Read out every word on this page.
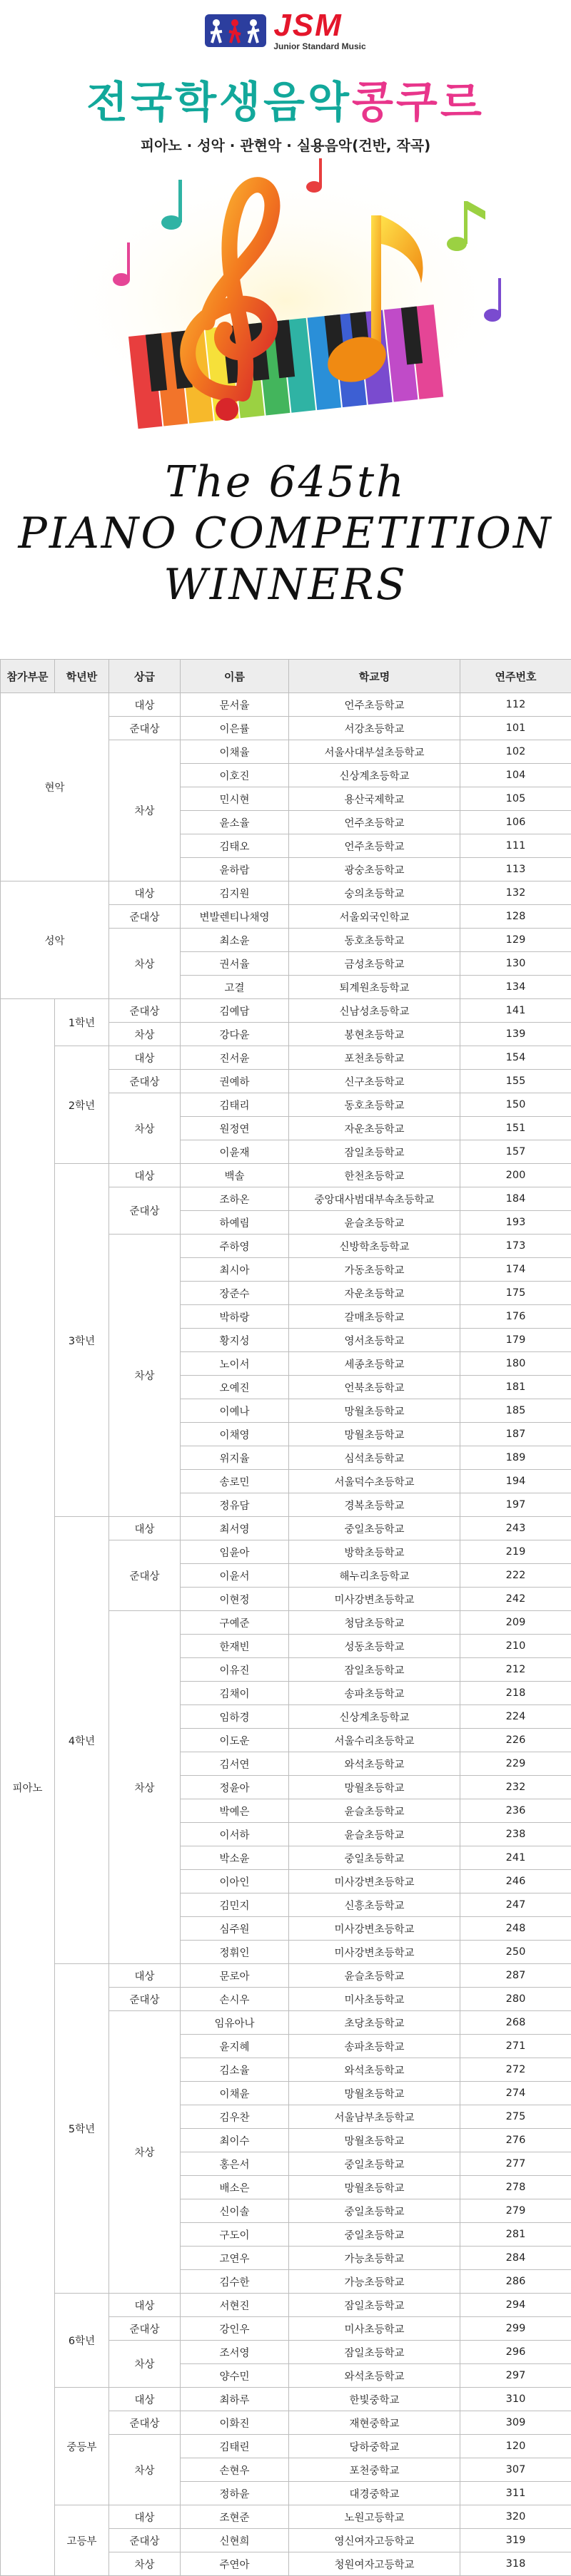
JSM
Junior Standard Music
전국학생음악콩쿠르
피아노 · 성악 · 관현악 · 실용음악(건반, 작곡)
The 645th
PIANO COMPETITION
WINNERS
참가부문	학년반	상급	이름	학교명	연주번호
현악		대상	문서율	언주초등학교	112
		준대상	이은률	서강초등학교	101
		차상	이채율	서울사대부설초등학교	102
			이호진	신상계초등학교	104
			민시현	용산국제학교	105
			윤소율	언주초등학교	106
			김태오	언주초등학교	111
			윤하람	광숭초등학교	113
성악		대상	김지원	숭의초등학교	132
		준대상	변발렌티나채영	서울외국인학교	128
		차상	최소윤	동호초등학교	129
			권서율	금성초등학교	130
			고결	퇴계원초등학교	134
피아노	1학년	준대상	김예담	신남성초등학교	141
		차상	강다윤	봉현초등학교	139
	2학년	대상	진서윤	포천초등학교	154
		준대상	권예하	신구초등학교	155
		차상	김태리	동호초등학교	150
			원정연	자운초등학교	151
			이윤재	잠일초등학교	157
	3학년	대상	백솔	한천초등학교	200
		준대상	조하온	중앙대사범대부속초등학교	184
			하예림	윤슬초등학교	193
		차상	주하영	신방학초등학교	173
			최시아	가동초등학교	174
			장준수	자운초등학교	175
			박하랑	갈매초등학교	176
			황지성	영서초등학교	179
			노이서	세종초등학교	180
			오예진	언북초등학교	181
			이예나	망월초등학교	185
			이채영	망월초등학교	187
			위지율	심석초등학교	189
			송로민	서울덕수초등학교	194
			정유담	경복초등학교	197
	4학년	대상	최서영	중일초등학교	243
		준대상	임윤아	방학초등학교	219
			이윤서	해누리초등학교	222
			이현정	미사강변초등학교	242
		차상	구예준	청담초등학교	209
			한재빈	성동초등학교	210
			이유진	잠일초등학교	212
			김채이	송파초등학교	218
			임하경	신상계초등학교	224
			이도운	서울수리초등학교	226
			김서연	와석초등학교	229
			정윤아	망월초등학교	232
			박예은	윤슬초등학교	236
			이서하	윤슬초등학교	238
			박소윤	중일초등학교	241
			이아인	미사강변초등학교	246
			김민지	신흥초등학교	247
			심주원	미사강변초등학교	248
			정휘인	미사강변초등학교	250
	5학년	대상	문로아	윤슬초등학교	287
		준대상	손시우	미사초등학교	280
		차상	임유아나	초당초등학교	268
			윤지혜	송파초등학교	271
			김소율	와석초등학교	272
			이채윤	망월초등학교	274
			김우찬	서울남부초등학교	275
			최이수	망월초등학교	276
			홍은서	중일초등학교	277
			배소은	망월초등학교	278
			신이솔	중일초등학교	279
			구도이	중일초등학교	281
			고연우	가능초등학교	284
			김수한	가능초등학교	286
	6학년	대상	서현진	잠일초등학교	294
		준대상	강인우	미사초등학교	299
		차상	조서영	잠일초등학교	296
			양수민	와석초등학교	297
	중등부	대상	최하루	한빛중학교	310
		준대상	이화진	재현중학교	309
		차상	김태린	당하중학교	120
			손현우	포천중학교	307
			정하윤	대경중학교	311
	고등부	대상	조현준	노원고등학교	320
		준대상	신현희	영신여자고등학교	319
		차상	주연아	청원여자고등학교	318
